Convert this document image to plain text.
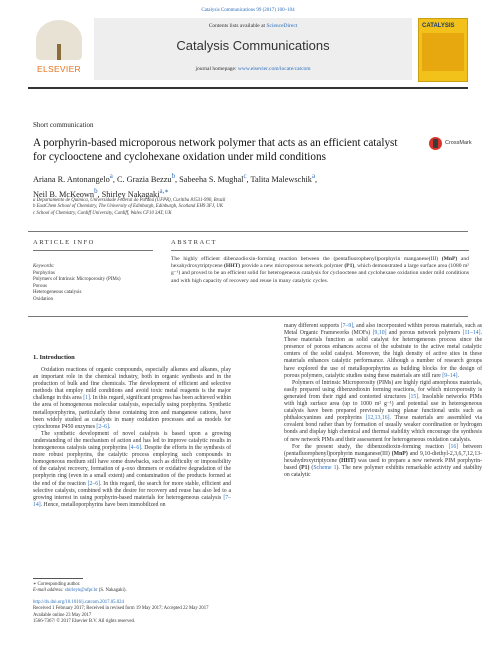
Catalysis Communications 99 (2017) 100–104
ELSEVIER
Contents lists available at ScienceDirect
Catalysis Communications
journal homepage: www.elsevier.com/locate/catcom
CATALYSIS
Short communication
A porphyrin-based microporous network polymer that acts as an efficient catalyst for cyclooctene and cyclohexane oxidation under mild conditions
CrossMark
Ariana R. Antonangelo$^a$, C. Grazia Bezzu$^b$, Sabeeha S. Mughal$^c$, Talita Malewschik$^a$,
Neil B. McKeown$^b$, Shirley Nakagaki$^{a,∗}$
a Departamento de Química, Universidade Federal do Paraná (UFPR), Curitiba 81531-990, Brazil
b EastChem School of Chemistry, The University of Edinburgh, Edinburgh, Scotland EH9 3FJ, UK
c School of Chemistry, Cardiff University, Cardiff, Wales CF10 3AT, UK
ARTICLE INFO	ABSTRACT
Keywords:
Porphyrins
Polymers of Intrinsic Microporosity (PIMs)
Porous
Heterogeneous catalysis
Oxidation
The highly efficient dibenzodioxin-forming reaction between the (pentafluorophenyl)porphyrin manganese(III) (MnP) and hexahydroxytriptycene (HHT) provide a new microporous network polymer (P1), which demonstrated a large surface area (1080 m² g⁻¹) and proved to be an efficient solid for heterogeneous catalysis for cyclooctene and cyclohexane oxidation under mild conditions and with high capacity of recovery and reuse in many catalytic cycles.
1. Introduction

Oxidation reactions of organic compounds, especially alkenes and alkanes, play an important role in the chemical industry, both in organic synthesis and in the production of bulk and fine chemicals. The development of efficient and selective methods that employ mild conditions and avoid toxic metal reagents is the major challenge in this area [1]. In this regard, significant progress has been achieved within the area of homogeneous molecular catalysis, especially using porphyrins. Synthetic metalloporphyrins, particularly those containing iron and manganese cations, have been widely studied as catalysts in many oxidation processes and as models for cytochrome P450 enzymes [2–6].

The synthetic development of novel catalysts is based upon a growing understanding of the mechanism of action and has led to improve catalytic results in homogeneous catalysis using porphyrins [4–6]. Despite the efforts in the synthesis of more robust porphyrins, the catalytic process employing such compounds in homogeneous medium still have some drawbacks, such as difficulty or impossibility of the catalyst recovery, formation of μ-oxo dimmers or oxidative degradation of the porphyrin ring (even in a small extent) and contamination of the products formed at the end of the reaction [2–6]. In this regard, the search for more stable, efficient and selective catalysts, combined with the desire for recovery and reuse has also led to a growing interest in using porphyrin-based materials for heterogeneous catalysis [7–14]. Hence, metalloporphyrins have been immobilized on

many different supports [7–9], and also incorporated within porous materials, such as Metal Organic Frameworks (MOFs) [9,10] and porous network polymers [11–14]. These materials function as solid catalyst for heterogeneous process since the presence of porous enhances access of the substrate to the active metal catalytic centers of the solid catalyst. Moreover, the high density of active sites in these materials enhances catalytic performance. Although a number of research groups have explored the use of metalloporphyrins as building blocks for the design of porous polymers, catalytic studies using these materials are still rare [9–14].

Polymers of Intrinsic Microporosity (PIMs) are highly rigid amorphous materials, easily prepared using dibenzodioxin forming reactions, for which microporosity is generated from their rigid and contorted structures [15]. Insoluble networks PIMs with high surface area (up to 1000 m² g⁻¹) and potential use in heterogeneous catalysis have been prepared previously using planar functional units such as phthalocyanines and porphyrins [12,13,16]. These materials are assembled via covalent bond rather than by formation of usually weaker coordination or hydrogen bonds and display high chemical and thermal stability which encourage the synthesis of new network PIMs and their assessment for heterogeneous oxidation catalysis.

For the present study, the dibenzodioxin-forming reaction [16] between (pentafluorophenyl)porphyrin manganese(III) (MnP) and 9,10-diethyl-2,3,6,7,12,13-hexahydroxytriptycene (HHT) was used to prepare a new network PIM porphyrin-based (P1) (Scheme 1). The new polymer exhibits remarkable activity and stability on catalytic

∗ Corresponding author.
E-mail address: shirleyn@ufpr.br (S. Nakagaki).
http://dx.doi.org/10.1016/j.catcom.2017.05.024
Received 1 February 2017; Received in revised form 19 May 2017; Accepted 22 May 2017
Available online 23 May 2017
1566-7367/ © 2017 Elsevier B.V. All rights reserved.
